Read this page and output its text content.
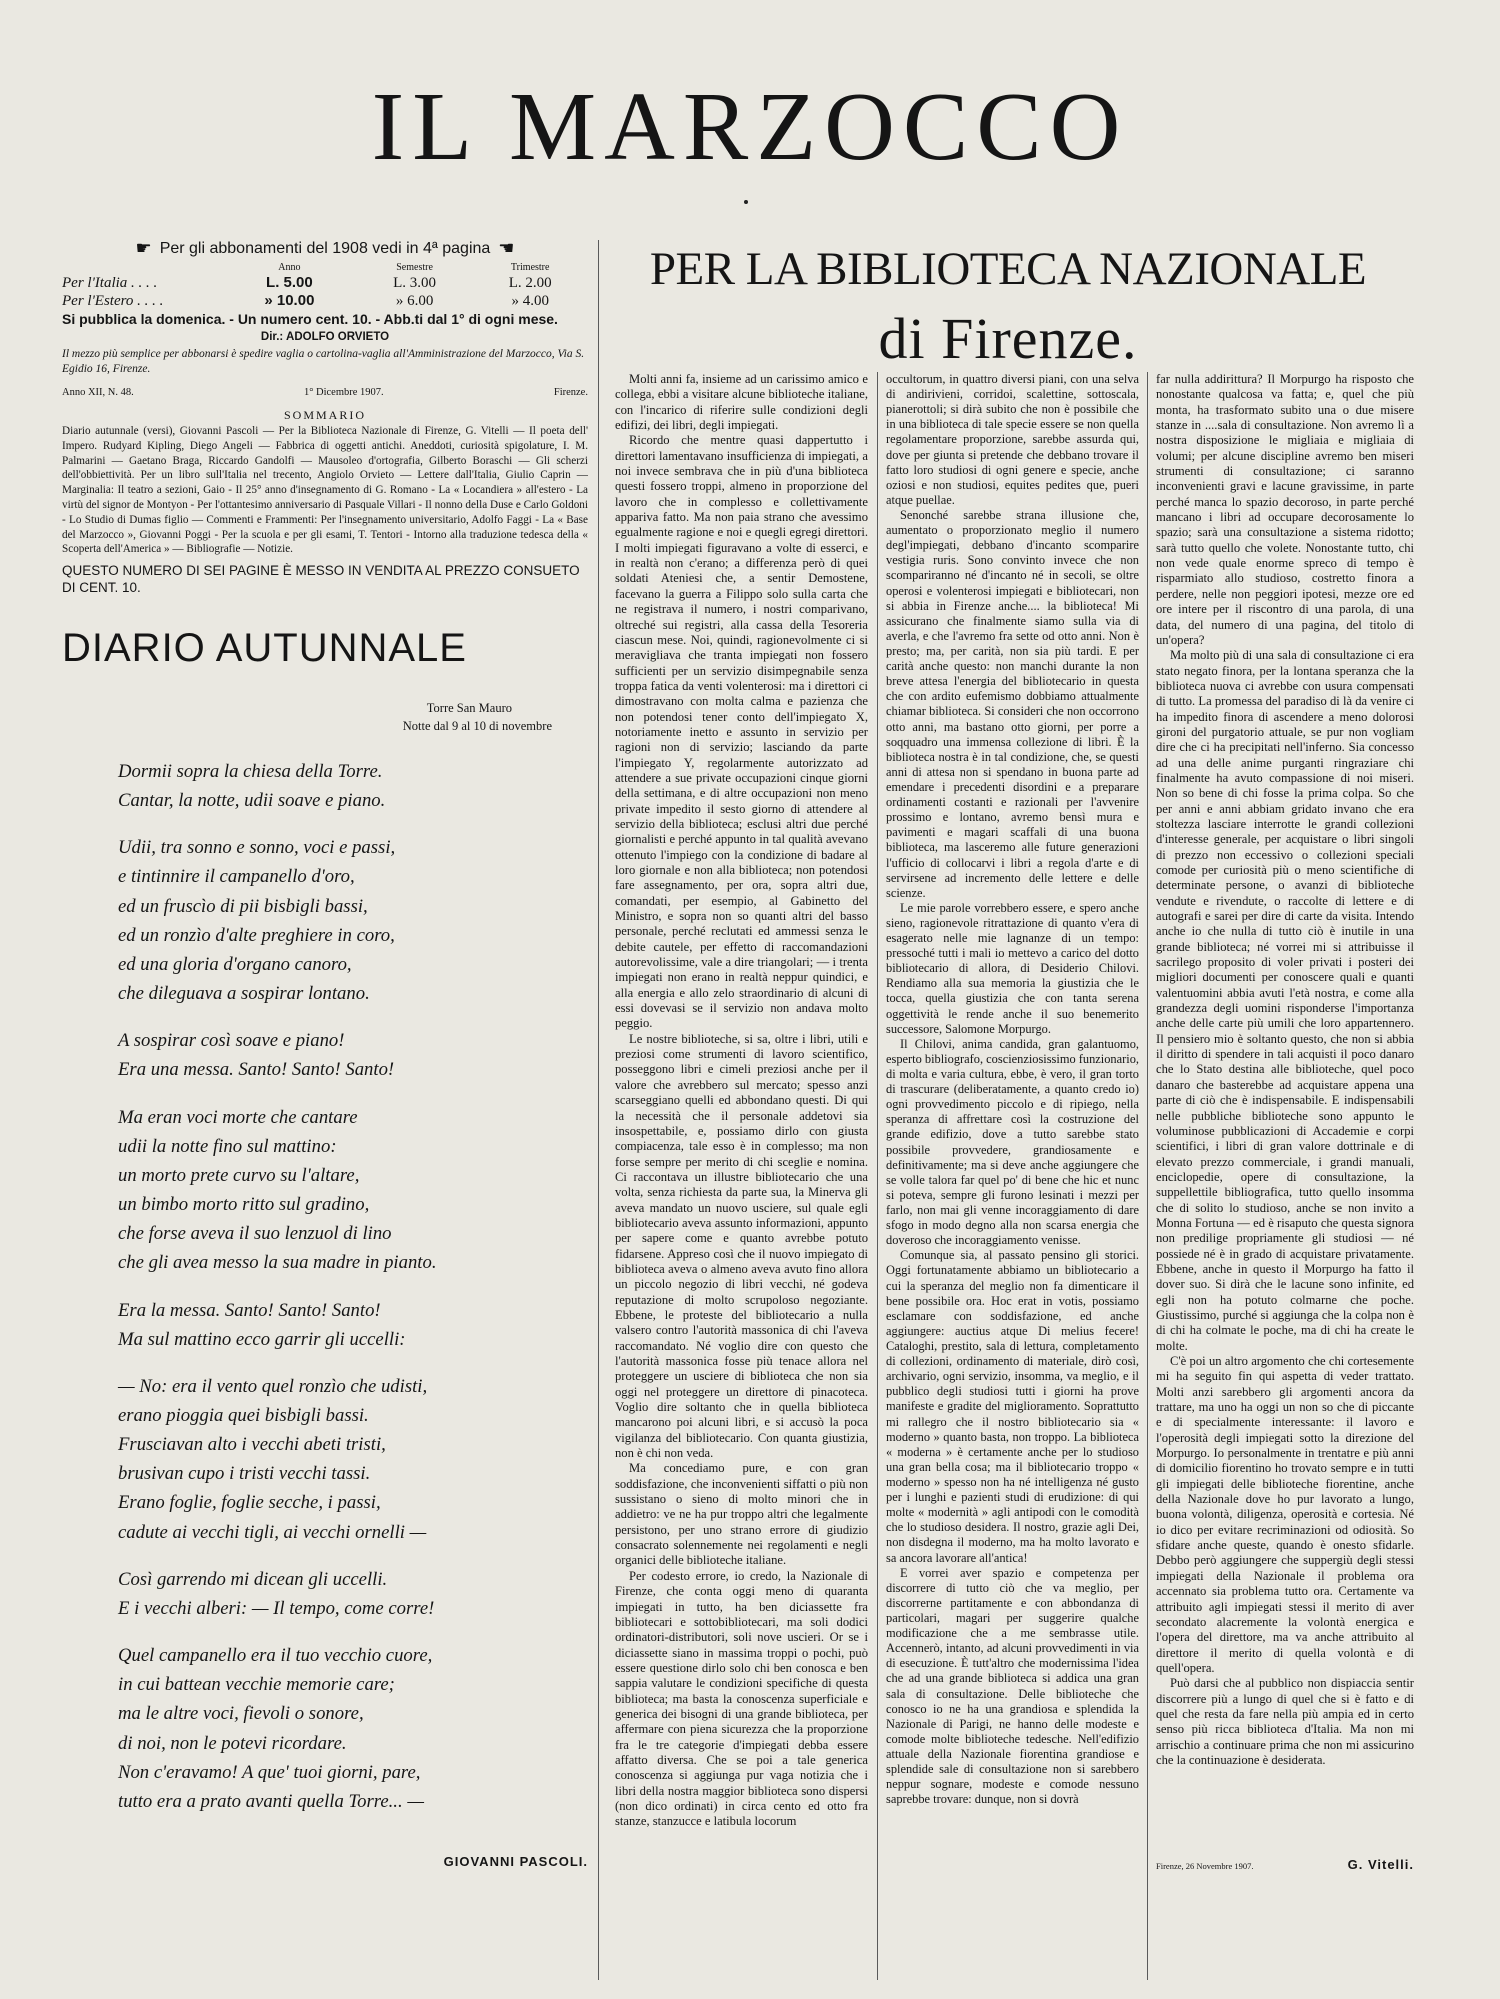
IL MARZOCCO
☛ Per gli abbonamenti del 1908 vedi in 4ª pagina ☚
	Anno	Semestre	Trimestre
Per l'Italia . . . .	L. 5.00	L. 3.00	L. 2.00
Per l'Estero . . . .	» 10.00	» 6.00	» 4.00
Si pubblica la domenica. - Un numero cent. 10. - Abb.ti dal 1° di ogni mese.
Dir.: ADOLFO ORVIETO
Il mezzo più semplice per abbonarsi è spedire vaglia o cartolina-vaglia all'Amministrazione del Marzocco, Via S. Egidio 16, Firenze.
Anno XII, N. 48.	1° Dicembre 1907.	Firenze.
SOMMARIO
Diario autunnale (versi), Giovanni Pascoli — Per la Biblioteca Nazionale di Firenze, G. Vitelli — Il poeta dell' Impero. Rudyard Kipling, Diego Angeli — Fabbrica di oggetti antichi. Aneddoti, curiosità spigolature, I. M. Palmarini — Gaetano Braga, Riccardo Gandolfi — Mausoleo d'ortografia, Gilberto Boraschi — Gli scherzi dell'obbiettività. Per un libro sull'Italia nel trecento, Angiolo Orvieto — Lettere dall'Italia, Giulio Caprin — Marginalia: Il teatro a sezioni, Gaio - Il 25° anno d'insegnamento di G. Romano - La « Locandiera » all'estero - La virtù del signor de Montyon - Per l'ottantesimo anniversario di Pasquale Villari - Il nonno della Duse e Carlo Goldoni - Lo Studio di Dumas figlio — Commenti e Frammenti: Per l'insegnamento universitario, Adolfo Faggi - La « Base del Marzocco », Giovanni Poggi - Per la scuola e per gli esami, T. Tentori - Intorno alla traduzione tedesca della « Scoperta dell'America » — Bibliografie — Notizie.
QUESTO NUMERO DI SEI PAGINE È MESSO IN VENDITA AL PREZZO CONSUETO DI CENT. 10.
DIARIO AUTUNNALE
Torre San Mauro
Notte dal 9 al 10 di novembre
Dormii sopra la chiesa della Torre.
Cantar, la notte, udii soave e piano.
Udii, tra sonno e sonno, voci e passi,
e tintinnire il campanello d'oro,
ed un fruscìo di pii bisbigli bassi,
ed un ronzìo d'alte preghiere in coro,
ed una gloria d'organo canoro,
che dileguava a sospirar lontano.
A sospirar così soave e piano!
Era una messa. Santo! Santo! Santo!
Ma eran voci morte che cantare
udii la notte fino sul mattino:
un morto prete curvo su l'altare,
un bimbo morto ritto sul gradino,
che forse aveva il suo lenzuol di lino
che gli avea messo la sua madre in pianto.
Era la messa. Santo! Santo! Santo!
Ma sul mattino ecco garrir gli uccelli:
— No: era il vento quel ronzìo che udisti,
erano pioggia quei bisbigli bassi.
Frusciavan alto i vecchi abeti tristi,
brusivan cupo i tristi vecchi tassi.
Erano foglie, foglie secche, i passi,
cadute ai vecchi tigli, ai vecchi ornelli —
Così garrendo mi dicean gli uccelli.
E i vecchi alberi: — Il tempo, come corre!
Quel campanello era il tuo vecchio cuore,
in cui battean vecchie memorie care;
ma le altre voci, fievoli o sonore,
di noi, non le potevi ricordare.
Non c'eravamo! A que' tuoi giorni, pare,
tutto era a prato avanti quella Torre... —
GIOVANNI PASCOLI.
PER LA BIBLIOTECA NAZIONALE
di Firenze.

Molti anni fa, insieme ad un carissimo amico e collega, ebbi a visitare alcune biblioteche italiane, con l'incarico di riferire sulle condizioni degli edifizi, dei libri, degli impiegati.

Ricordo che mentre quasi dappertutto i direttori lamentavano insufficienza di impiegati, a noi invece sembrava che in più d'una biblioteca questi fossero troppi, almeno in proporzione del lavoro che in complesso e collettivamente appariva fatto. Ma non paia strano che avessimo egualmente ragione e noi e quegli egregi direttori. I molti impiegati figuravano a volte di esserci, e in realtà non c'erano; a differenza però di quei soldati Ateniesi che, a sentir Demostene, facevano la guerra a Filippo solo sulla carta che ne registrava il numero, i nostri comparivano, oltreché sui registri, alla cassa della Tesoreria ciascun mese. Noi, quindi, ragionevolmente ci si meravigliava che tranta impiegati non fossero sufficienti per un servizio disimpegnabile senza troppa fatica da venti volenterosi: ma i direttori ci dimostravano con molta calma e pazienza che non potendosi tener conto dell'impiegato X, notoriamente inetto e assunto in servizio per ragioni non di servizio; lasciando da parte l'impiegato Y, regolarmente autorizzato ad attendere a sue private occupazioni cinque giorni della settimana, e di altre occupazioni non meno private impedito il sesto giorno di attendere al servizio della biblioteca; esclusi altri due perché giornalisti e perché appunto in tal qualità avevano ottenuto l'impiego con la condizione di badare al loro giornale e non alla biblioteca; non potendosi fare assegnamento, per ora, sopra altri due, comandati, per esempio, al Gabinetto del Ministro, e sopra non so quanti altri del basso personale, perché reclutati ed ammessi senza le debite cautele, per effetto di raccomandazioni autorevolissime, vale a dire triangolari; — i trenta impiegati non erano in realtà neppur quindici, e alla energia e allo zelo straordinario di alcuni di essi dovevasi se il servizio non andava molto peggio.

Le nostre biblioteche, si sa, oltre i libri, utili e preziosi come strumenti di lavoro scientifico, posseggono libri e cimeli preziosi anche per il valore che avrebbero sul mercato; spesso anzi scarseggiano quelli ed abbondano questi. Di qui la necessità che il personale addetovi sia insospettabile, e, possiamo dirlo con giusta compiacenza, tale esso è in complesso; ma non forse sempre per merito di chi sceglie e nomina. Ci raccontava un illustre bibliotecario che una volta, senza richiesta da parte sua, la Minerva gli aveva mandato un nuovo usciere, sul quale egli bibliotecario aveva assunto informazioni, appunto per sapere come e quanto avrebbe potuto fidarsene. Appreso così che il nuovo impiegato di biblioteca aveva o almeno aveva avuto fino allora un piccolo negozio di libri vecchi, né godeva reputazione di molto scrupoloso negoziante. Ebbene, le proteste del bibliotecario a nulla valsero contro l'autorità massonica di chi l'aveva raccomandato. Né voglio dire con questo che l'autorità massonica fosse più tenace allora nel proteggere un usciere di biblioteca che non sia oggi nel proteggere un direttore di pinacoteca. Voglio dire soltanto che in quella biblioteca mancarono poi alcuni libri, e si accusò la poca vigilanza del bibliotecario. Con quanta giustizia, non è chi non veda.

Ma concediamo pure, e con gran soddisfazione, che inconvenienti siffatti o più non sussistano o sieno di molto minori che in addietro: ve ne ha pur troppo altri che legalmente persistono, per uno strano errore di giudizio consacrato solennemente nei regolamenti e negli organici delle biblioteche italiane.

Per codesto errore, io credo, la Nazionale di Firenze, che conta oggi meno di quaranta impiegati in tutto, ha ben diciassette fra bibliotecari e sottobibliotecari, ma soli dodici ordinatori-distributori, soli nove uscieri. Or se i diciassette siano in massima troppi o pochi, può essere questione dirlo solo chi ben conosca e ben sappia valutare le condizioni specifiche di questa biblioteca; ma basta la conoscenza superficiale e generica dei bisogni di una grande biblioteca, per affermare con piena sicurezza che la proporzione fra le tre categorie d'impiegati debba essere affatto diversa. Che se poi a tale generica conoscenza si aggiunga pur vaga notizia che i libri della nostra maggior biblioteca sono dispersi (non dico ordinati) in circa cento ed otto fra stanze, stanzucce e latibula locorum

occultorum, in quattro diversi piani, con una selva di andirivieni, corridoi, scalettine, sottoscala, pianerottoli; si dirà subito che non è possibile che in una biblioteca di tale specie essere se non quella regolamentare proporzione, sarebbe assurda qui, dove per giunta si pretende che debbano trovare il fatto loro studiosi di ogni genere e specie, anche oziosi e non studiosi, equites pedites que, pueri atque puellae.

Senonché sarebbe strana illusione che, aumentato o proporzionato meglio il numero degl'impiegati, debbano d'incanto scomparire vestigia ruris. Sono convinto invece che non scompariranno né d'incanto né in secoli, se oltre operosi e volenterosi impiegati e bibliotecari, non si abbia in Firenze anche.... la biblioteca! Mi assicurano che finalmente siamo sulla via di averla, e che l'avremo fra sette od otto anni. Non è presto; ma, per carità, non sia più tardi. E per carità anche questo: non manchi durante la non breve attesa l'energia del bibliotecario in questa che con ardito eufemismo dobbiamo attualmente chiamar biblioteca. Si consideri che non occorrono otto anni, ma bastano otto giorni, per porre a soqquadro una immensa collezione di libri. È la biblioteca nostra è in tal condizione, che, se questi anni di attesa non si spendano in buona parte ad emendare i precedenti disordini e a preparare ordinamenti costanti e razionali per l'avvenire prossimo e lontano, avremo bensì mura e pavimenti e magari scaffali di una buona biblioteca, ma lasceremo alle future generazioni l'ufficio di collocarvi i libri a regola d'arte e di servirsene ad incremento delle lettere e delle scienze.

Le mie parole vorrebbero essere, e spero anche sieno, ragionevole ritrattazione di quanto v'era di esagerato nelle mie lagnanze di un tempo: pressoché tutti i mali io mettevo a carico del dotto bibliotecario di allora, di Desiderio Chilovi. Rendiamo alla sua memoria la giustizia che le tocca, quella giustizia che con tanta serena oggettività le rende anche il suo benemerito successore, Salomone Morpurgo.

Il Chilovi, anima candida, gran galantuomo, esperto bibliografo, coscienziosissimo funzionario, di molta e varia cultura, ebbe, è vero, il gran torto di trascurare (deliberatamente, a quanto credo io) ogni provvedimento piccolo e di ripiego, nella speranza di affrettare così la costruzione del grande edifizio, dove a tutto sarebbe stato possibile provvedere, grandiosamente e definitivamente; ma si deve anche aggiungere che se volle talora far quel po' di bene che hic et nunc si poteva, sempre gli furono lesinati i mezzi per farlo, non mai gli venne incoraggiamento di dare sfogo in modo degno alla non scarsa energia che doveroso che incoraggiamento venisse.

Comunque sia, al passato pensino gli storici. Oggi fortunatamente abbiamo un bibliotecario a cui la speranza del meglio non fa dimenticare il bene possibile ora. Hoc erat in votis, possiamo esclamare con soddisfazione, ed anche aggiungere: auctius atque Di melius fecere! Cataloghi, prestito, sala di lettura, completamento di collezioni, ordinamento di materiale, dirò così, archivario, ogni servizio, insomma, va meglio, e il pubblico degli studiosi tutti i giorni ha prove manifeste e gradite del miglioramento. Soprattutto mi rallegro che il nostro bibliotecario sia « moderno » quanto basta, non troppo. La biblioteca « moderna » è certamente anche per lo studioso una gran bella cosa; ma il bibliotecario troppo « moderno » spesso non ha né intelligenza né gusto per i lunghi e pazienti studi di erudizione: di qui molte « modernità » agli antipodi con le comodità che lo studioso desidera. Il nostro, grazie agli Dei, non disdegna il moderno, ma ha molto lavorato e sa ancora lavorare all'antica!

E vorrei aver spazio e competenza per discorrere di tutto ciò che va meglio, per discorrerne partitamente e con abbondanza di particolari, magari per suggerire qualche modificazione che a me sembrasse utile. Accennerò, intanto, ad alcuni provvedimenti in via di esecuzione. È tutt'altro che modernissima l'idea che ad una grande biblioteca si addica una gran sala di consultazione. Delle biblioteche che conosco io ne ha una grandiosa e splendida la Nazionale di Parigi, ne hanno delle modeste e comode molte biblioteche tedesche. Nell'edifizio attuale della Nazionale fiorentina grandiose e splendide sale di consultazione non si sarebbero neppur sognare, modeste e comode nessuno saprebbe trovare: dunque, non si dovrà

far nulla addirittura? Il Morpurgo ha risposto che nonostante qualcosa va fatta; e, quel che più monta, ha trasformato subito una o due misere stanze in ....sala di consultazione. Non avremo lì a nostra disposizione le migliaia e migliaia di volumi; per alcune discipline avremo ben miseri strumenti di consultazione; ci saranno inconvenienti gravi e lacune gravissime, in parte perché manca lo spazio decoroso, in parte perché mancano i libri ad occupare decorosamente lo spazio; sarà una consultazione a sistema ridotto; sarà tutto quello che volete. Nonostante tutto, chi non vede quale enorme spreco di tempo è risparmiato allo studioso, costretto finora a perdere, nelle non peggiori ipotesi, mezze ore ed ore intere per il riscontro di una parola, di una data, del numero di una pagina, del titolo di un'opera?

Ma molto più di una sala di consultazione ci era stato negato finora, per la lontana speranza che la biblioteca nuova ci avrebbe con usura compensati di tutto. La promessa del paradiso di là da venire ci ha impedito finora di ascendere a meno dolorosi gironi del purgatorio attuale, se pur non vogliam dire che ci ha precipitati nell'inferno. Sia concesso ad una delle anime purganti ringraziare chi finalmente ha avuto compassione di noi miseri. Non so bene di chi fosse la prima colpa. So che per anni e anni abbiam gridato invano che era stoltezza lasciare interrotte le grandi collezioni d'interesse generale, per acquistare o libri singoli di prezzo non eccessivo o collezioni speciali comode per curiosità più o meno scientifiche di determinate persone, o avanzi di biblioteche vendute e rivendute, o raccolte di lettere e di autografi e sarei per dire di carte da visita. Intendo anche io che nulla di tutto ciò è inutile in una grande biblioteca; né vorrei mi si attribuisse il sacrilego proposito di voler privati i posteri dei migliori documenti per conoscere quali e quanti valentuomini abbia avuti l'età nostra, e come alla grandezza degli uomini risponderse l'importanza anche delle carte più umili che loro appartennero. Il pensiero mio è soltanto questo, che non si abbia il diritto di spendere in tali acquisti il poco danaro che lo Stato destina alle biblioteche, quel poco danaro che basterebbe ad acquistare appena una parte di ciò che è indispensabile. E indispensabili nelle pubbliche biblioteche sono appunto le voluminose pubblicazioni di Accademie e corpi scientifici, i libri di gran valore dottrinale e di elevato prezzo commerciale, i grandi manuali, enciclopedie, opere di consultazione, la suppellettile bibliografica, tutto quello insomma che di solito lo studioso, anche se non invito a Monna Fortuna — ed è risaputo che questa signora non predilige propriamente gli studiosi — né possiede né è in grado di acquistare privatamente. Ebbene, anche in questo il Morpurgo ha fatto il dover suo. Si dirà che le lacune sono infinite, ed egli non ha potuto colmarne che poche. Giustissimo, purché si aggiunga che la colpa non è di chi ha colmate le poche, ma di chi ha create le molte.

C'è poi un altro argomento che chi cortesemente mi ha seguito fin qui aspetta di veder trattato. Molti anzi sarebbero gli argomenti ancora da trattare, ma uno ha oggi un non so che di piccante e di specialmente interessante: il lavoro e l'operosità degli impiegati sotto la direzione del Morpurgo. Io personalmente in trentatre e più anni di domicilio fiorentino ho trovato sempre e in tutti gli impiegati delle biblioteche fiorentine, anche della Nazionale dove ho pur lavorato a lungo, buona volontà, diligenza, operosità e cortesia. Né io dico per evitare recriminazioni od odiosità. So sfidare anche queste, quando è onesto sfidarle. Debbo però aggiungere che suppergiù degli stessi impiegati della Nazionale il problema ora accennato sia problema tutto ora. Certamente va attribuito agli impiegati stessi il merito di aver secondato alacremente la volontà energica e l'opera del direttore, ma va anche attribuito al direttore il merito di quella volontà e di quell'opera.

Può darsi che al pubblico non dispiaccia sentir discorrere più a lungo di quel che si è fatto e di quel che resta da fare nella più ampia ed in certo senso più ricca biblioteca d'Italia. Ma non mi arrischio a continuare prima che non mi assicurino che la continuazione è desiderata.

Firenze, 26 Novembre 1907.	G. Vitelli.
